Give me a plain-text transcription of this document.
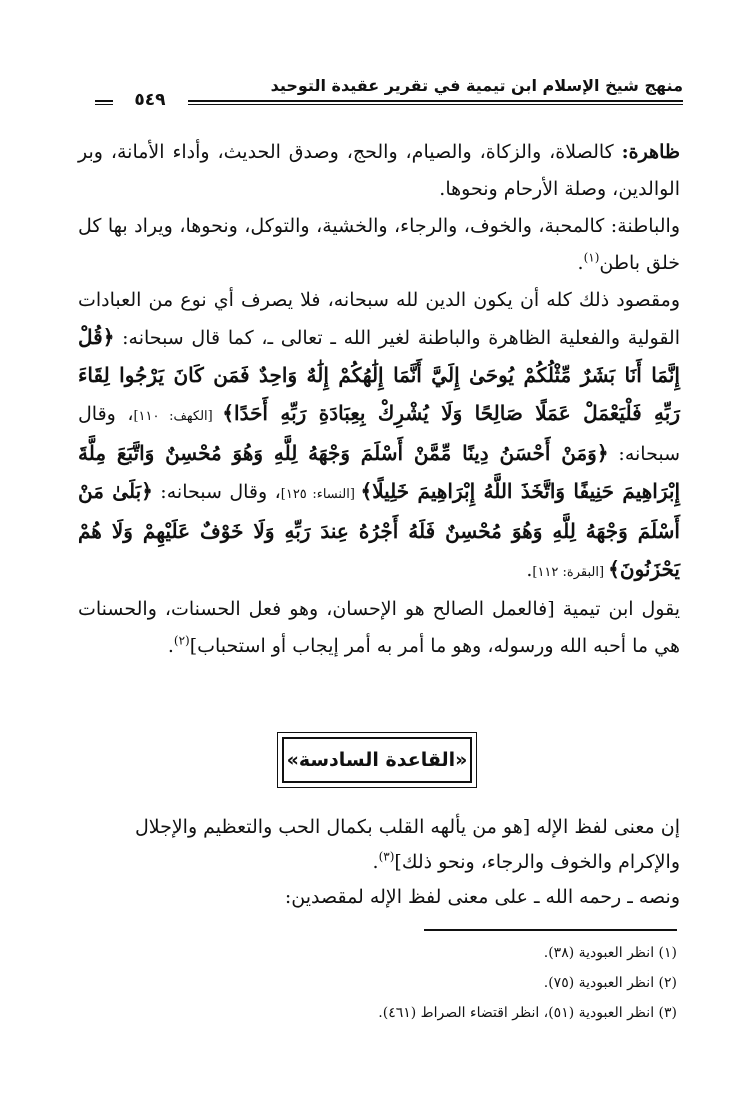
منهج شيخ الإسلام ابن تيمية في تقرير عقيدة التوحيد
٥٤٩

ظاهرة: كالصلاة، والزكاة، والصيام، والحج، وصدق الحديث، وأداء الأمانة، وبر الوالدين، وصلة الأرحام ونحوها.

والباطنة: كالمحبة، والخوف، والرجاء، والخشية، والتوكل، ونحوها، ويراد بها كل خلق باطن$^{(١)}$.

ومقصود ذلك كله أن يكون الدين لله سبحانه، فلا يصرف أي نوع من العبادات القولية والفعلية الظاهرة والباطنة لغير الله ـ تعالى ـ، كما قال سبحانه: ﴿قُلْ إِنَّمَا أَنَا بَشَرٌ مِّثْلُكُمْ يُوحَىٰ إِلَيَّ أَنَّمَا إِلَٰهُكُمْ إِلَٰهٌ وَاحِدٌ فَمَن كَانَ يَرْجُوا لِقَاءَ رَبِّهِ فَلْيَعْمَلْ عَمَلًا صَالِحًا وَلَا يُشْرِكْ بِعِبَادَةِ رَبِّهِ أَحَدًا﴾ [الكهف: ١١٠]، وقال سبحانه: ﴿وَمَنْ أَحْسَنُ دِينًا مِّمَّنْ أَسْلَمَ وَجْهَهُ لِلَّهِ وَهُوَ مُحْسِنٌ وَاتَّبَعَ مِلَّةَ إِبْرَاهِيمَ حَنِيفًا وَاتَّخَذَ اللَّهُ إِبْرَاهِيمَ خَلِيلًا﴾ [النساء: ١٢٥]، وقال سبحانه: ﴿بَلَىٰ مَنْ أَسْلَمَ وَجْهَهُ لِلَّهِ وَهُوَ مُحْسِنٌ فَلَهُ أَجْرُهُ عِندَ رَبِّهِ وَلَا خَوْفٌ عَلَيْهِمْ وَلَا هُمْ يَحْزَنُونَ﴾ [البقرة: ١١٢].

يقول ابن تيمية [فالعمل الصالح هو الإحسان، وهو فعل الحسنات، والحسنات هي ما أحبه الله ورسوله، وهو ما أمر به أمر إيجاب أو استحباب]$^{(٢)}$.

«القاعدة السادسة»

إن معنى لفظ الإله [هو من يألهه القلب بكمال الحب والتعظيم والإجلال والإكرام والخوف والرجاء، ونحو ذلك]$^{(٣)}$.

ونصه ـ رحمه الله ـ على معنى لفظ الإله لمقصدين:

(١) انظر العبودية (٣٨).
(٢) انظر العبودية (٧٥).
(٣) انظر العبودية (٥١)، انظر اقتضاء الصراط (٤٦١).
